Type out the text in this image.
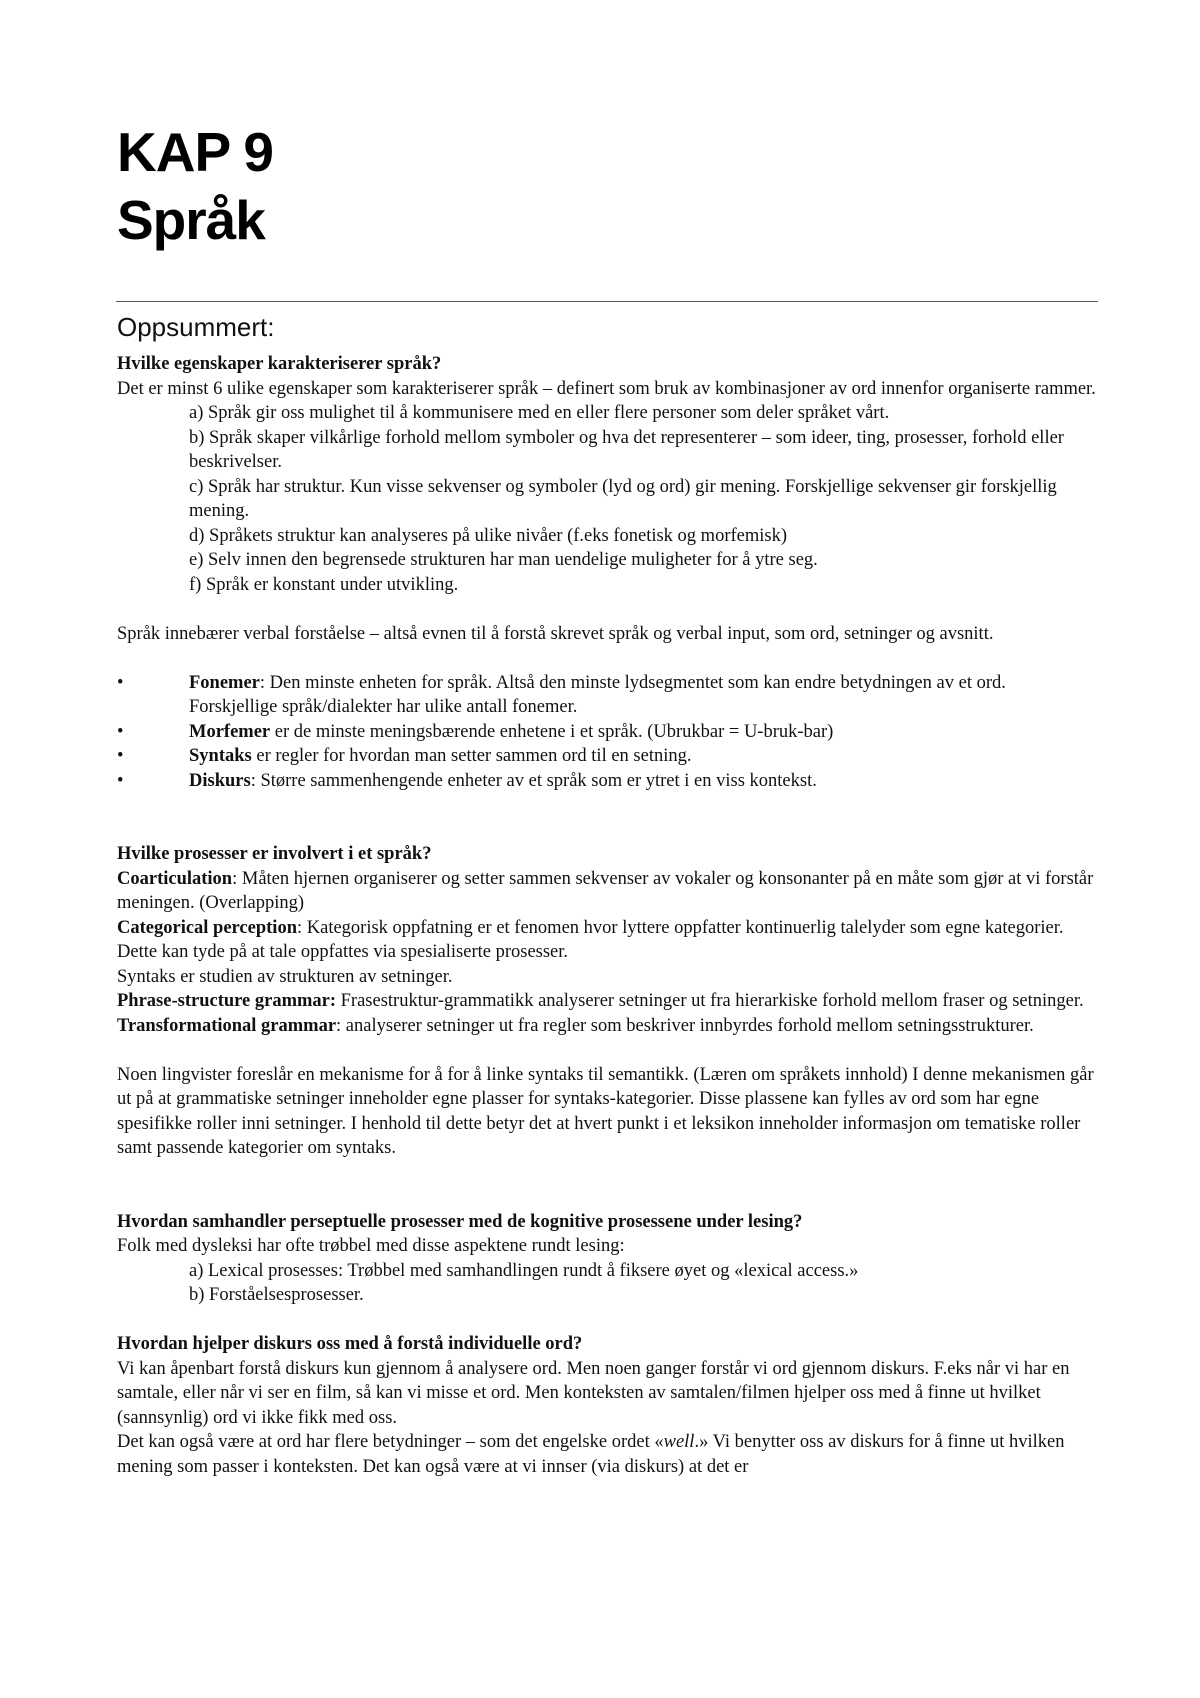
KAP 9
Språk
Oppsummert:

Hvilke egenskaper karakteriserer språk?

Det er minst 6 ulike egenskaper som karakteriserer språk – definert som bruk av kombinasjoner av ord innenfor organiserte rammer.

a) Språk gir oss mulighet til å kommunisere med en eller flere personer som deler språket vårt.

b) Språk skaper vilkårlige forhold mellom symboler og hva det representerer – som ideer, ting, prosesser, forhold eller beskrivelser.

c) Språk har struktur. Kun visse sekvenser og symboler (lyd og ord) gir mening. Forskjellige sekvenser gir forskjellig mening.

d) Språkets struktur kan analyseres på ulike nivåer (f.eks fonetisk og morfemisk)

e) Selv innen den begrensede strukturen har man uendelige muligheter for å ytre seg.

f) Språk er konstant under utvikling.

Språk innebærer verbal forståelse – altså evnen til å forstå skrevet språk og verbal input, som ord, setninger og avsnitt.

•	Fonemer: Den minste enheten for språk. Altså den minste lydsegmentet som kan endre betydningen av et ord. Forskjellige språk/dialekter har ulike antall fonemer.
•	Morfemer er de minste meningsbærende enhetene i et språk. (Ubrukbar = U-bruk-bar)
•	Syntaks er regler for hvordan man setter sammen ord til en setning.
•	Diskurs: Større sammenhengende enheter av et språk som er ytret i en viss kontekst.

Hvilke prosesser er involvert i et språk?

Coarticulation: Måten hjernen organiserer og setter sammen sekvenser av vokaler og konsonanter på en måte som gjør at vi forstår meningen. (Overlapping)

Categorical perception: Kategorisk oppfatning er et fenomen hvor lyttere oppfatter kontinuerlig talelyder som egne kategorier. Dette kan tyde på at tale oppfattes via spesialiserte prosesser.

Syntaks er studien av strukturen av setninger.

Phrase-structure grammar: Frasestruktur-grammatikk analyserer setninger ut fra hierarkiske forhold mellom fraser og setninger.

Transformational grammar: analyserer setninger ut fra regler som beskriver innbyrdes forhold mellom setningsstrukturer.

Noen lingvister foreslår en mekanisme for å for å linke syntaks til semantikk. (Læren om språkets innhold) I denne mekanismen går ut på at grammatiske setninger inneholder egne plasser for syntaks-kategorier. Disse plassene kan fylles av ord som har egne spesifikke roller inni setninger. I henhold til dette betyr det at hvert punkt i et leksikon inneholder informasjon om tematiske roller samt passende kategorier om syntaks.

Hvordan samhandler perseptuelle prosesser med de kognitive prosessene under lesing?

Folk med dysleksi har ofte trøbbel med disse aspektene rundt lesing:

a) Lexical prosesses: Trøbbel med samhandlingen rundt å fiksere øyet og «lexical access.»

b) Forståelsesprosesser.

Hvordan hjelper diskurs oss med å forstå individuelle ord?

Vi kan åpenbart forstå diskurs kun gjennom å analysere ord. Men noen ganger forstår vi ord gjennom diskurs. F.eks når vi har en samtale, eller når vi ser en film, så kan vi misse et ord. Men konteksten av samtalen/filmen hjelper oss med å finne ut hvilket (sannsynlig) ord vi ikke fikk med oss.

Det kan også være at ord har flere betydninger – som det engelske ordet «well.» Vi benytter oss av diskurs for å finne ut hvilken mening som passer i konteksten. Det kan også være at vi innser (via diskurs) at det er
